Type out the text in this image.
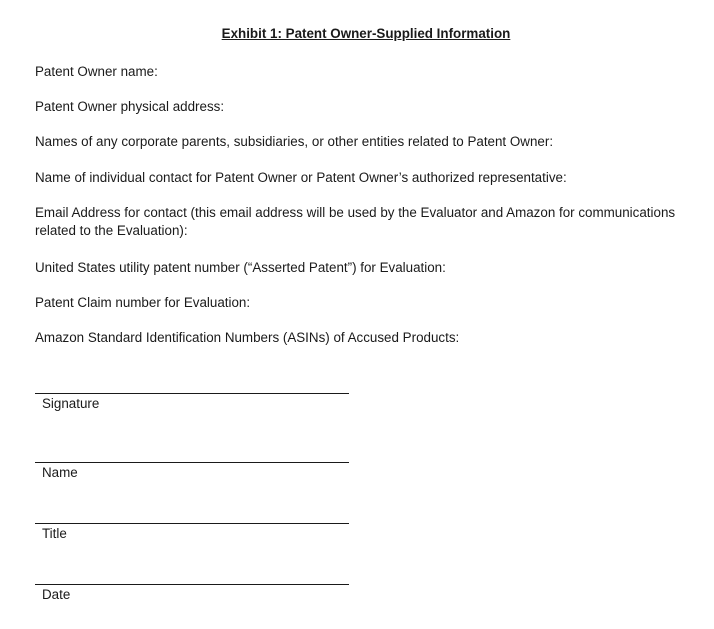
Exhibit 1: Patent Owner-Supplied Information

Patent Owner name:

Patent Owner physical address:

Names of any corporate parents, subsidiaries, or other entities related to Patent Owner:

Name of individual contact for Patent Owner or Patent Owner’s authorized representative:

Email Address for contact (this email address will be used by the Evaluator and Amazon for communications related to the Evaluation):

United States utility patent number (“Asserted Patent”) for Evaluation:

Patent Claim number for Evaluation:

Amazon Standard Identification Numbers (ASINs) of Accused Products:

Signature
Name
Title
Date
